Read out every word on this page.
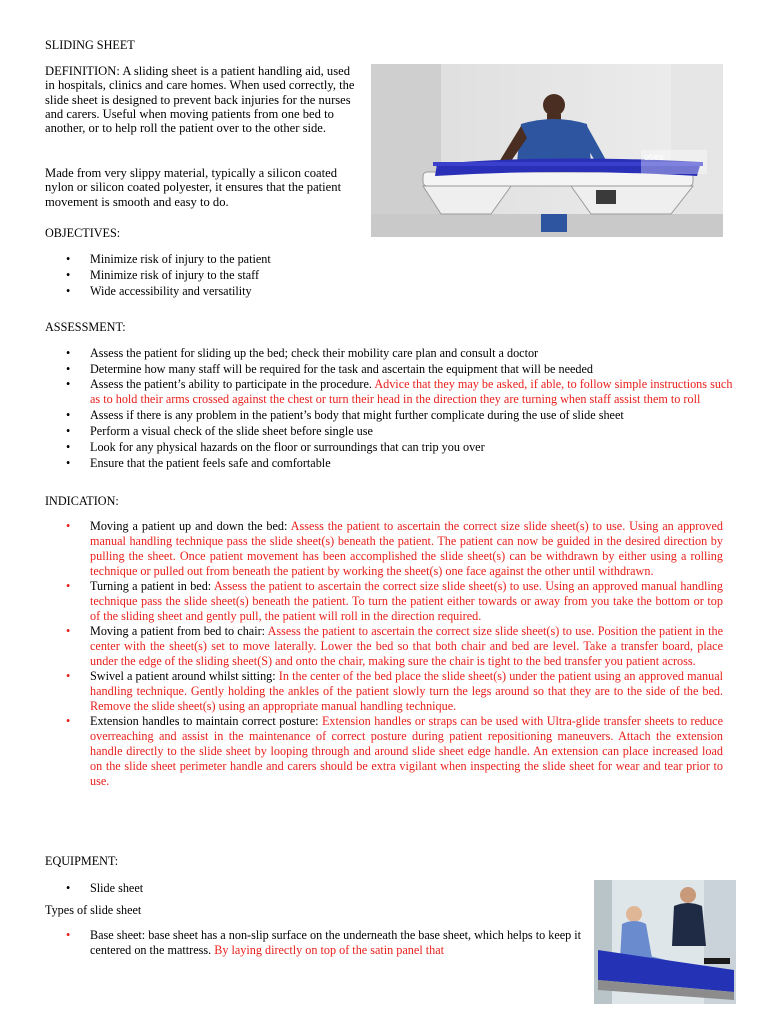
SLIDING SHEET
DEFINITION: A sliding sheet is a patient handling aid, used in hospitals, clinics and care homes. When used correctly, the slide sheet is designed to prevent back injuries for the nurses and carers. Useful when moving patients from one bed to another, or to help roll the patient over to the other side.
Made from very slippy material, typically a silicon coated nylon or silicon coated polyester, it ensures that the patient movement is smooth and easy to do.
ubes
OBJECTIVES:
• Minimize risk of injury to the patient
• Minimize risk of injury to the staff
• Wide accessibility and versatility
ASSESSMENT:
• Assess the patient for sliding up the bed; check their mobility care plan and consult a doctor
• Determine how many staff will be required for the task and ascertain the equipment that will be needed
• Assess the patient’s ability to participate in the procedure. Advice that they may be asked, if able, to follow simple instructions such as to hold their arms crossed against the chest or turn their head in the direction they are turning when staff assist them to roll
• Assess if there is any problem in the patient’s body that might further complicate during the use of slide sheet
• Perform a visual check of the slide sheet before single use
• Look for any physical hazards on the floor or surroundings that can trip you over
• Ensure that the patient feels safe and comfortable
INDICATION:
• Moving a patient up and down the bed: Assess the patient to ascertain the correct size slide sheet(s) to use. Using an approved manual handling technique pass the slide sheet(s) beneath the patient. The patient can now be guided in the desired direction by pulling the sheet. Once patient movement has been accomplished the slide sheet(s) can be withdrawn by either using a rolling technique or pulled out from beneath the patient by working the sheet(s) one face against the other until withdrawn.
• Turning a patient in bed: Assess the patient to ascertain the correct size slide sheet(s) to use. Using an approved manual handling technique pass the slide sheet(s) beneath the patient. To turn the patient either towards or away from you take the bottom or top of the sliding sheet and gently pull, the patient will roll in the direction required.
• Moving a patient from bed to chair: Assess the patient to ascertain the correct size slide sheet(s) to use. Position the patient in the center with the sheet(s) set to move laterally. Lower the bed so that both chair and bed are level. Take a transfer board, place under the edge of the sliding sheet(S) and onto the chair, making sure the chair is tight to the bed transfer you patient across.
• Swivel a patient around whilst sitting: In the center of the bed place the slide sheet(s) under the patient using an approved manual handling technique. Gently holding the ankles of the patient slowly turn the legs around so that they are to the side of the bed. Remove the slide sheet(s) using an appropriate manual handling technique.
• Extension handles to maintain correct posture: Extension handles or straps can be used with Ultra-glide transfer sheets to reduce overreaching and assist in the maintenance of correct posture during patient repositioning maneuvers. Attach the extension handle directly to the slide sheet by looping through and around slide sheet edge handle. An extension can place increased load on the slide sheet perimeter handle and carers should be extra vigilant when inspecting the slide sheet for wear and tear prior to use.
EQUIPMENT:
• Slide sheet
Types of slide sheet
• Base sheet: base sheet has a non-slip surface on the underneath the base sheet, which helps to keep it centered on the mattress. By laying directly on top of the satin panel that
